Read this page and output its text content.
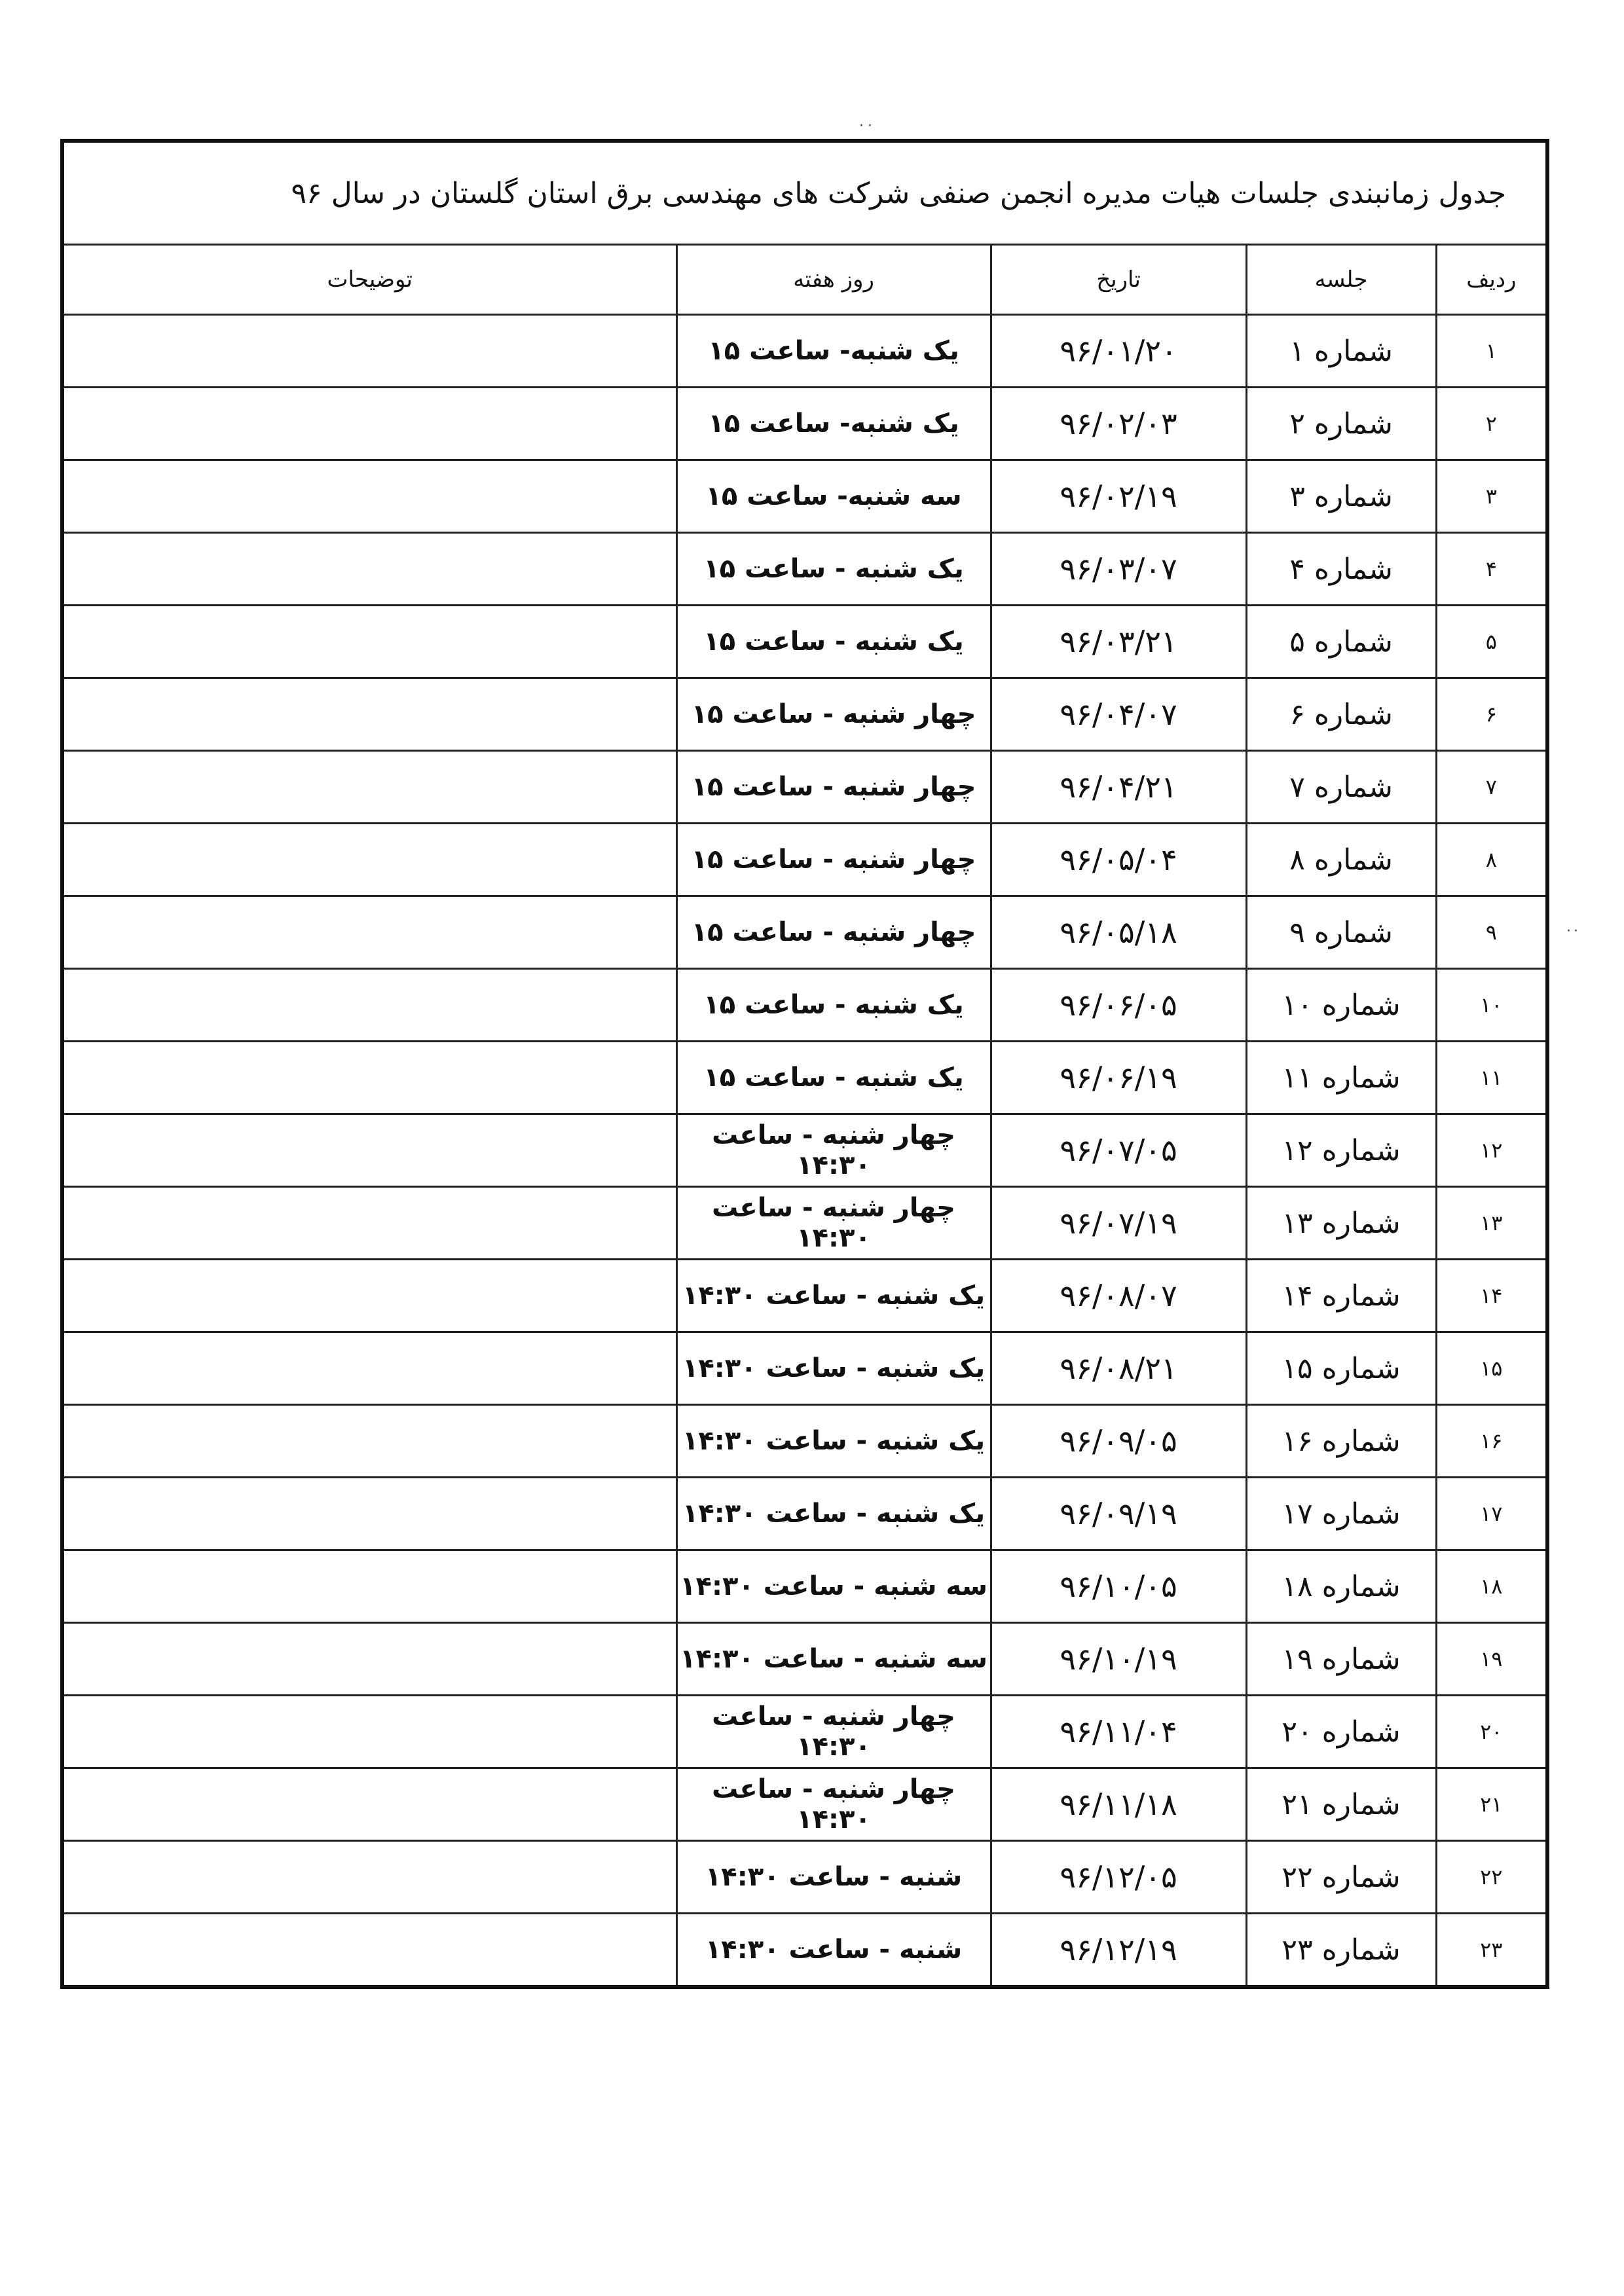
··
··
جدول زمانبندی جلسات هیات مدیره انجمن صنفی شرکت های مهندسی برق استان گلستان در سال ۹۶				
ردیف	جلسه	تاریخ	روز هفته	توضیحات
۱	شماره ۱	۹۶/۰۱/۲۰	یک شنبه- ساعت ۱۵	
۲	شماره ۲	۹۶/۰۲/۰۳	یک شنبه- ساعت ۱۵	
۳	شماره ۳	۹۶/۰۲/۱۹	سه شنبه- ساعت ۱۵	
۴	شماره ۴	۹۶/۰۳/۰۷	یک شنبه - ساعت ۱۵	
۵	شماره ۵	۹۶/۰۳/۲۱	یک شنبه - ساعت ۱۵	
۶	شماره ۶	۹۶/۰۴/۰۷	چهار شنبه - ساعت ۱۵	
۷	شماره ۷	۹۶/۰۴/۲۱	چهار شنبه - ساعت ۱۵	
۸	شماره ۸	۹۶/۰۵/۰۴	چهار شنبه - ساعت ۱۵	
۹	شماره ۹	۹۶/۰۵/۱۸	چهار شنبه - ساعت ۱۵	
۱۰	شماره ۱۰	۹۶/۰۶/۰۵	یک شنبه - ساعت ۱۵	
۱۱	شماره ۱۱	۹۶/۰۶/۱۹	یک شنبه - ساعت ۱۵	
۱۲	شماره ۱۲	۹۶/۰۷/۰۵	چهار شنبه - ساعت ۱۴:۳۰	
۱۳	شماره ۱۳	۹۶/۰۷/۱۹	چهار شنبه - ساعت ۱۴:۳۰	
۱۴	شماره ۱۴	۹۶/۰۸/۰۷	یک شنبه - ساعت ۱۴:۳۰	
۱۵	شماره ۱۵	۹۶/۰۸/۲۱	یک شنبه - ساعت ۱۴:۳۰	
۱۶	شماره ۱۶	۹۶/۰۹/۰۵	یک شنبه - ساعت ۱۴:۳۰	
۱۷	شماره ۱۷	۹۶/۰۹/۱۹	یک شنبه - ساعت ۱۴:۳۰	
۱۸	شماره ۱۸	۹۶/۱۰/۰۵	سه شنبه - ساعت ۱۴:۳۰	
۱۹	شماره ۱۹	۹۶/۱۰/۱۹	سه شنبه - ساعت ۱۴:۳۰	
۲۰	شماره ۲۰	۹۶/۱۱/۰۴	چهار شنبه - ساعت ۱۴:۳۰	
۲۱	شماره ۲۱	۹۶/۱۱/۱۸	چهار شنبه - ساعت ۱۴:۳۰	
۲۲	شماره ۲۲	۹۶/۱۲/۰۵	شنبه - ساعت ۱۴:۳۰	
۲۳	شماره ۲۳	۹۶/۱۲/۱۹	شنبه - ساعت ۱۴:۳۰	
